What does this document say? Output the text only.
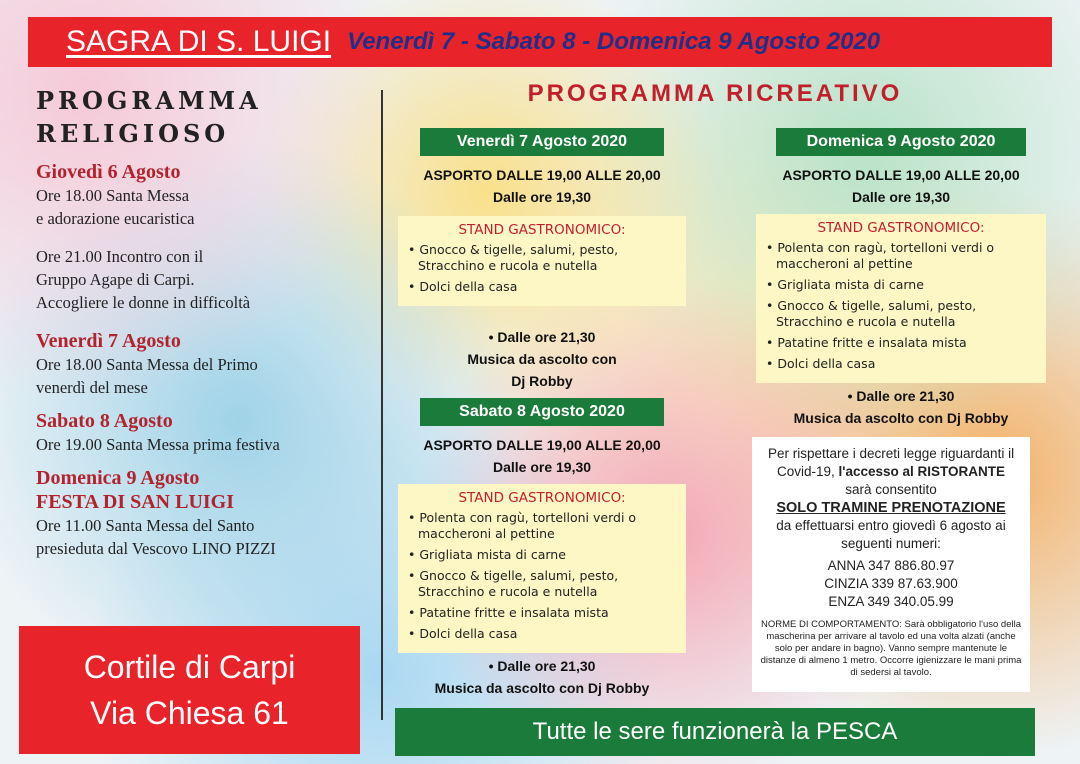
SAGRA DI S. LUIGI Venerdì 7 - Sabato 8 - Domenica 9 Agosto 2020
PROGRAMMA
RELIGIOSO
Giovedì 6 Agosto
Ore 18.00 Santa Messa
e adorazione eucaristica
Ore 21.00 Incontro con il
Gruppo Agape di Carpi.
Accogliere le donne in difficoltà
Venerdì 7 Agosto
Ore 18.00 Santa Messa del Primo
venerdì del mese
Sabato 8 Agosto
Ore 19.00 Santa Messa prima festiva
Domenica 9 Agosto
FESTA DI SAN LUIGI
Ore 11.00 Santa Messa del Santo
presieduta dal Vescovo LINO PIZZI
Cortile di Carpi
Via Chiesa 61
PROGRAMMA RICREATIVO
Venerdì 7 Agosto 2020
ASPORTO DALLE 19,00 ALLE 20,00
Dalle ore 19,30
STAND GASTRONOMICO:
• Gnocco & tigelle, salumi, pesto, Stracchino e rucola e nutella
• Dolci della casa
• Dalle ore 21,30
Musica da ascolto con
Dj Robby
Sabato 8 Agosto 2020
ASPORTO DALLE 19,00 ALLE 20,00
Dalle ore 19,30
STAND GASTRONOMICO:
• Polenta con ragù, tortelloni verdi o maccheroni al pettine
• Grigliata mista di carne
• Gnocco & tigelle, salumi, pesto, Stracchino e rucola e nutella
• Patatine fritte e insalata mista
• Dolci della casa
• Dalle ore 21,30
Musica da ascolto con Dj Robby
Domenica 9 Agosto 2020
ASPORTO DALLE 19,00 ALLE 20,00
Dalle ore 19,30
STAND GASTRONOMICO:
• Polenta con ragù, tortelloni verdi o maccheroni al pettine
• Grigliata mista di carne
• Gnocco & tigelle, salumi, pesto, Stracchino e rucola e nutella
• Patatine fritte e insalata mista
• Dolci della casa
• Dalle ore 21,30
Musica da ascolto con Dj Robby
Per rispettare i decreti legge riguardanti il
Covid-19, l'accesso al RISTORANTE
sarà consentito
SOLO TRAMINE PRENOTAZIONE
da effettuarsi entro giovedì 6 agosto ai
seguenti numeri:
ANNA 347 886.80.97
CINZIA 339 87.63.900
ENZA 349 340.05.99
NORME DI COMPORTAMENTO: Sarà obbligatorio l'uso della mascherina per arrivare al tavolo ed una volta alzati (anche solo per andare in bagno). Vanno sempre mantenute le distanze di almeno 1 metro. Occorre igienizzare le mani prima di sedersi al tavolo.
Tutte le sere funzionerà la PESCA
